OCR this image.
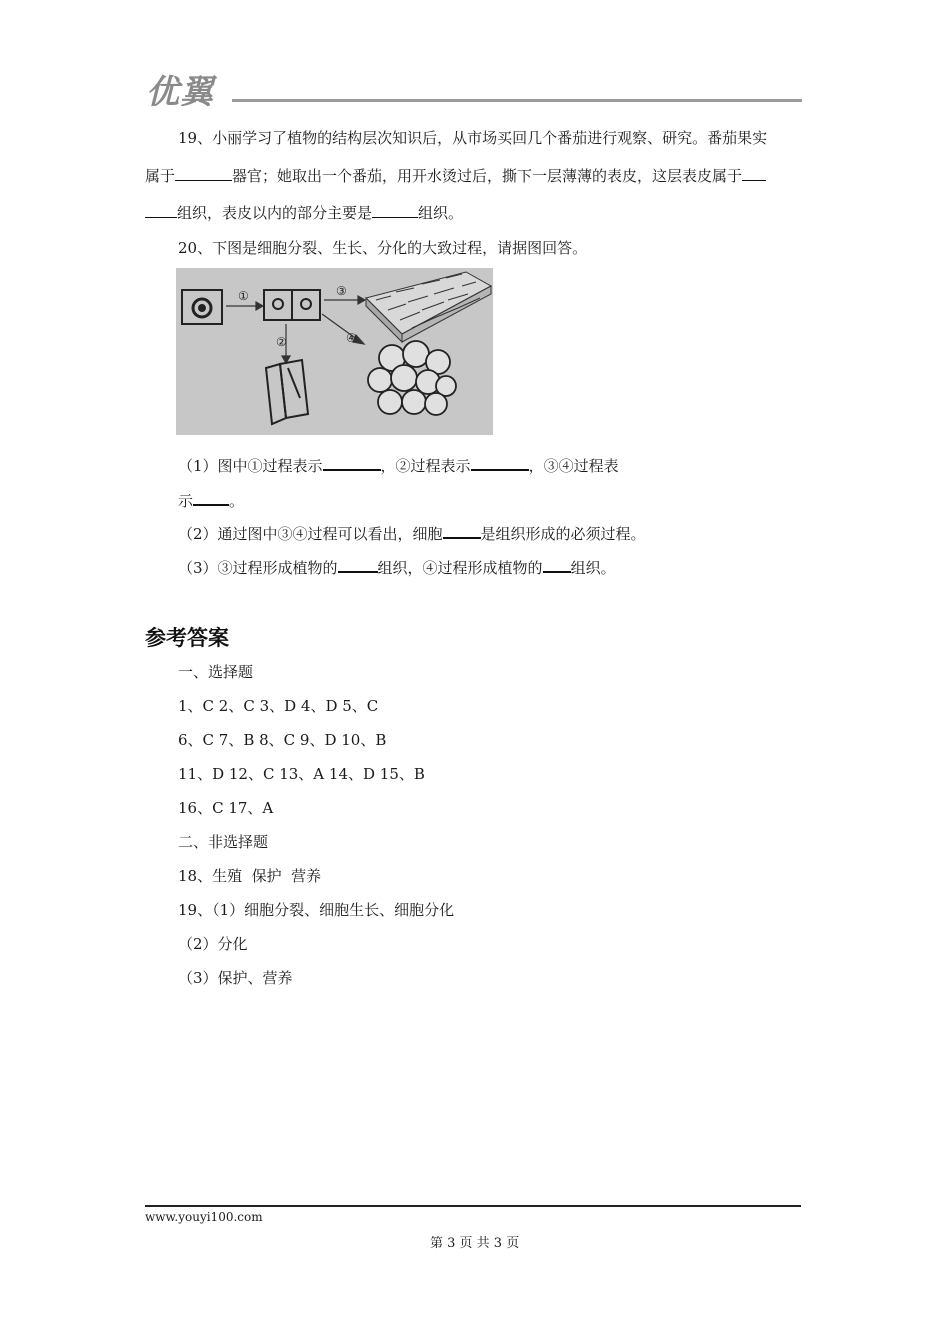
优翼
19、小丽学习了植物的结构层次知识后，从市场买回几个番茄进行观察、研究。番茄果实
属于	器官；她取出一个番茄，用开水烫过后，撕下一层薄薄的表皮，这层表皮属于
组织，表皮以内的部分主要是	组织。
20、下图是细胞分裂、生长、分化的大致过程，请据图回答。
①	③
②	④
（1）图中①过程表示	，②过程表示	，③④过程表
示 。
（2）通过图中③④过程可以看出，细胞	是组织形成的必须过程。
（3）③过程形成植物的	组织，④过程形成植物的 组织。
参考答案
一、选择题
1、C 2、C 3、D 4、D 5、C
6、C 7、B 8、C 9、D 10、B
11、D 12、C 13、A 14、D 15、B
16、C 17、A
二、非选择题
18、生殖  保护  营养
19、（1）细胞分裂、细胞生长、细胞分化
（2）分化
（3）保护、营养
www.youyi100.com
第 3 页 共 3 页
